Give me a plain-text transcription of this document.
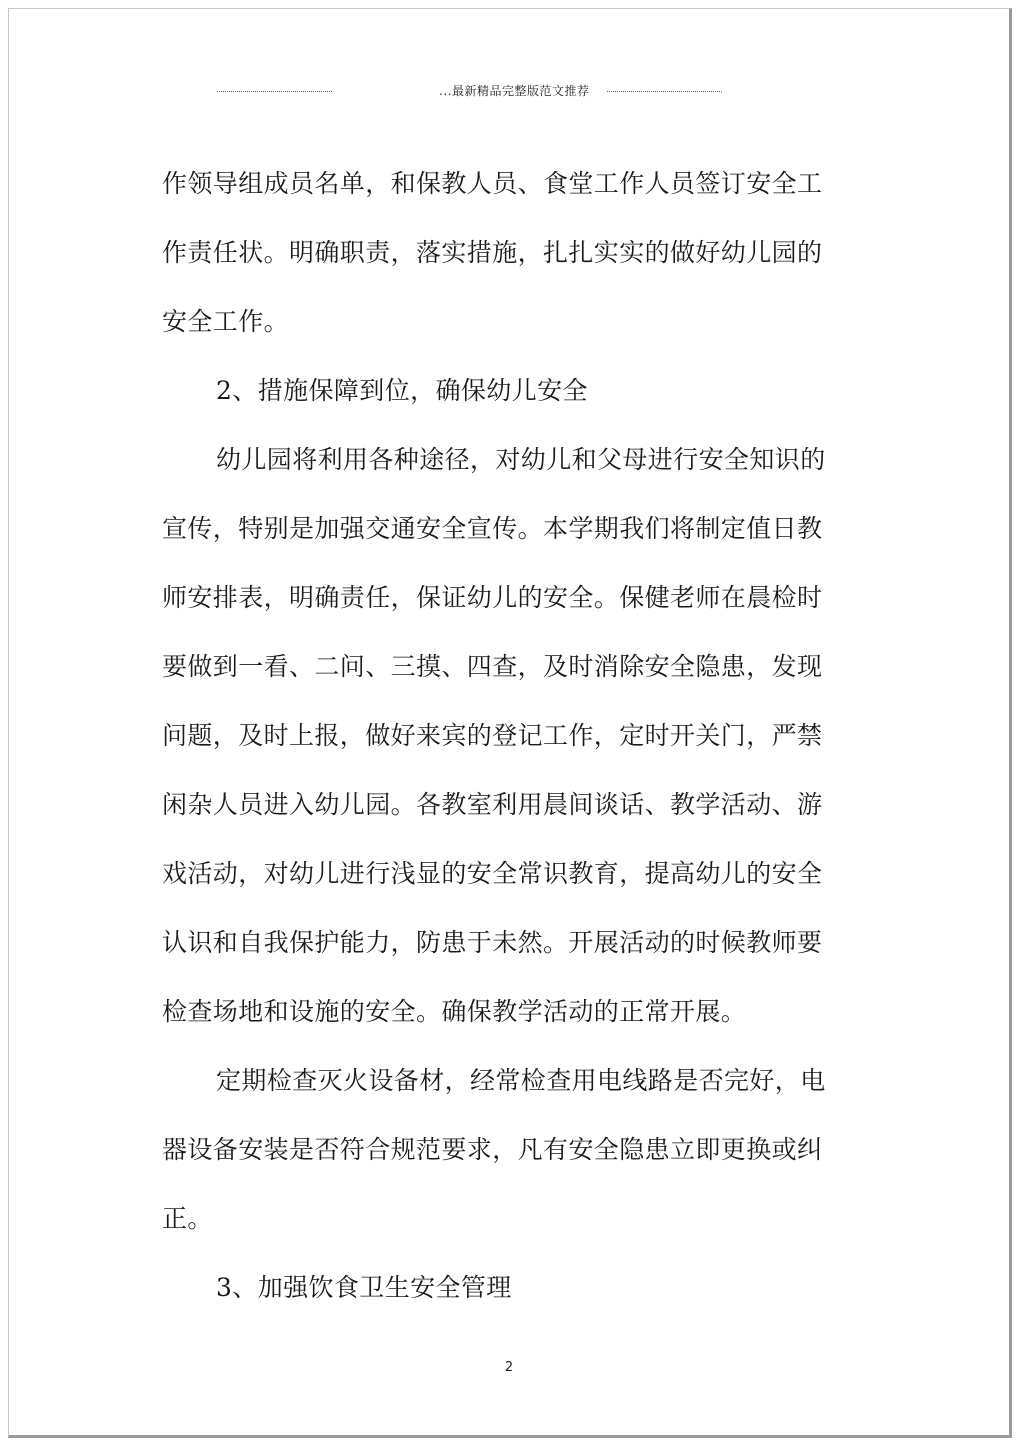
...最新精品完整版范文推荐
作领导组成员名单，和保教人员、食堂工作人员签订安全工
作责任状。明确职责，落实措施，扎扎实实的做好幼儿园的
安全工作。
2、措施保障到位，确保幼儿安全
幼儿园将利用各种途径，对幼儿和父母进行安全知识的
宣传，特别是加强交通安全宣传。本学期我们将制定值日教
师安排表，明确责任，保证幼儿的安全。保健老师在晨检时
要做到一看、二问、三摸、四查，及时消除安全隐患，发现
问题，及时上报，做好来宾的登记工作，定时开关门，严禁
闲杂人员进入幼儿园。各教室利用晨间谈话、教学活动、游
戏活动，对幼儿进行浅显的安全常识教育，提高幼儿的安全
认识和自我保护能力，防患于未然。开展活动的时候教师要
检查场地和设施的安全。确保教学活动的正常开展。
定期检查灭火设备材，经常检查用电线路是否完好，电
器设备安装是否符合规范要求，凡有安全隐患立即更换或纠
正。
3、加强饮食卫生安全管理
2
